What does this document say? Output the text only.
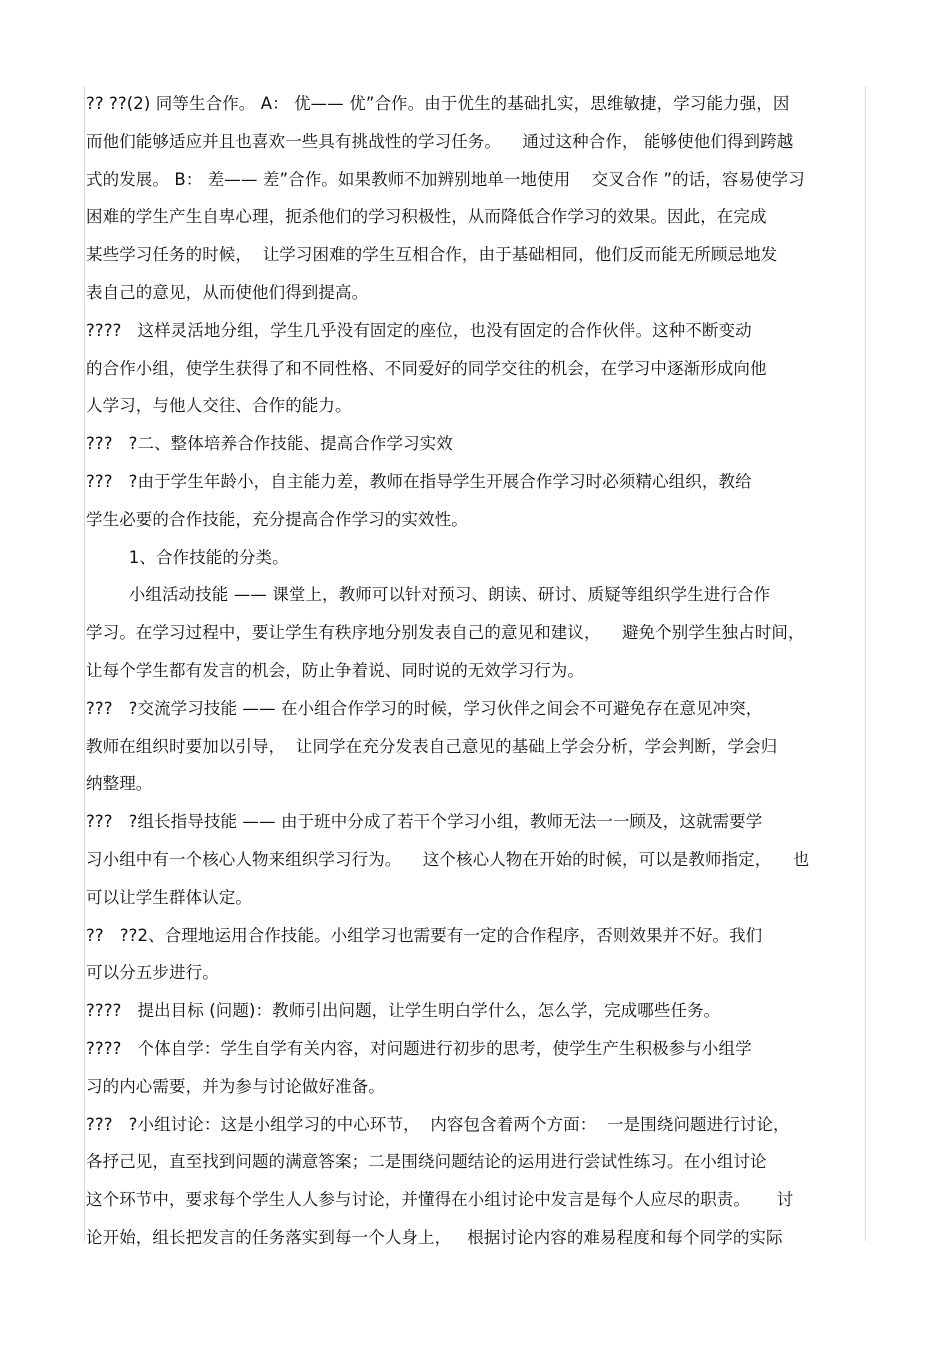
?? ??(2) 同等生合作。 A： 优—— 优”合作。由于优生的基础扎实，思维敏捷，学习能力强，因
而他们能够适应并且也喜欢一些具有挑战性的学习任务。    通过这种合作， 能够使他们得到跨越
式的发展。 B： 差—— 差”合作。如果教师不加辨别地单一地使用    交叉合作 ”的话，容易使学习
困难的学生产生自卑心理，扼杀他们的学习积极性，从而降低合作学习的效果。因此，在完成
某些学习任务的时候，  让学习困难的学生互相合作，由于基础相同，他们反而能无所顾忌地发
表自己的意见，从而使他们得到提高。
????   这样灵活地分组，学生几乎没有固定的座位，也没有固定的合作伙伴。这种不断变动
的合作小组，使学生获得了和不同性格、不同爱好的同学交往的机会，在学习中逐渐形成向他
人学习，与他人交往、合作的能力。
???   ?二、整体培养合作技能、提高合作学习实效
???   ?由于学生年龄小，自主能力差，教师在指导学生开展合作学习时必须精心组织，教给
学生必要的合作技能，充分提高合作学习的实效性。
1、合作技能的分类。
小组活动技能 —— 课堂上，教师可以针对预习、朗读、研讨、质疑等组织学生进行合作
学习。在学习过程中，要让学生有秩序地分别发表自己的意见和建议，    避免个别学生独占时间，
让每个学生都有发言的机会，防止争着说、同时说的无效学习行为。
???   ?交流学习技能 —— 在小组合作学习的时候，学习伙伴之间会不可避免存在意见冲突，
教师在组织时要加以引导，  让同学在充分发表自己意见的基础上学会分析，学会判断，学会归
纳整理。
???   ?组长指导技能 —— 由于班中分成了若干个学习小组，教师无法一一顾及，这就需要学
习小组中有一个核心人物来组织学习行为。    这个核心人物在开始的时候，可以是教师指定，    也
可以让学生群体认定。
??   ??2、合理地运用合作技能。小组学习也需要有一定的合作程序，否则效果并不好。我们
可以分五步进行。
????   提出目标 (问题)：教师引出问题，让学生明白学什么，怎么学，完成哪些任务。
????   个体自学：学生自学有关内容，对问题进行初步的思考，使学生产生积极参与小组学
习的内心需要，并为参与讨论做好准备。
???   ?小组讨论：这是小组学习的中心环节，  内容包含着两个方面：  一是围绕问题进行讨论，
各抒己见，直至找到问题的满意答案；二是围绕问题结论的运用进行尝试性练习。在小组讨论
这个环节中，要求每个学生人人参与讨论，并懂得在小组讨论中发言是每个人应尽的职责。     讨
论开始，组长把发言的任务落实到每一个人身上，   根据讨论内容的难易程度和每个同学的实际
